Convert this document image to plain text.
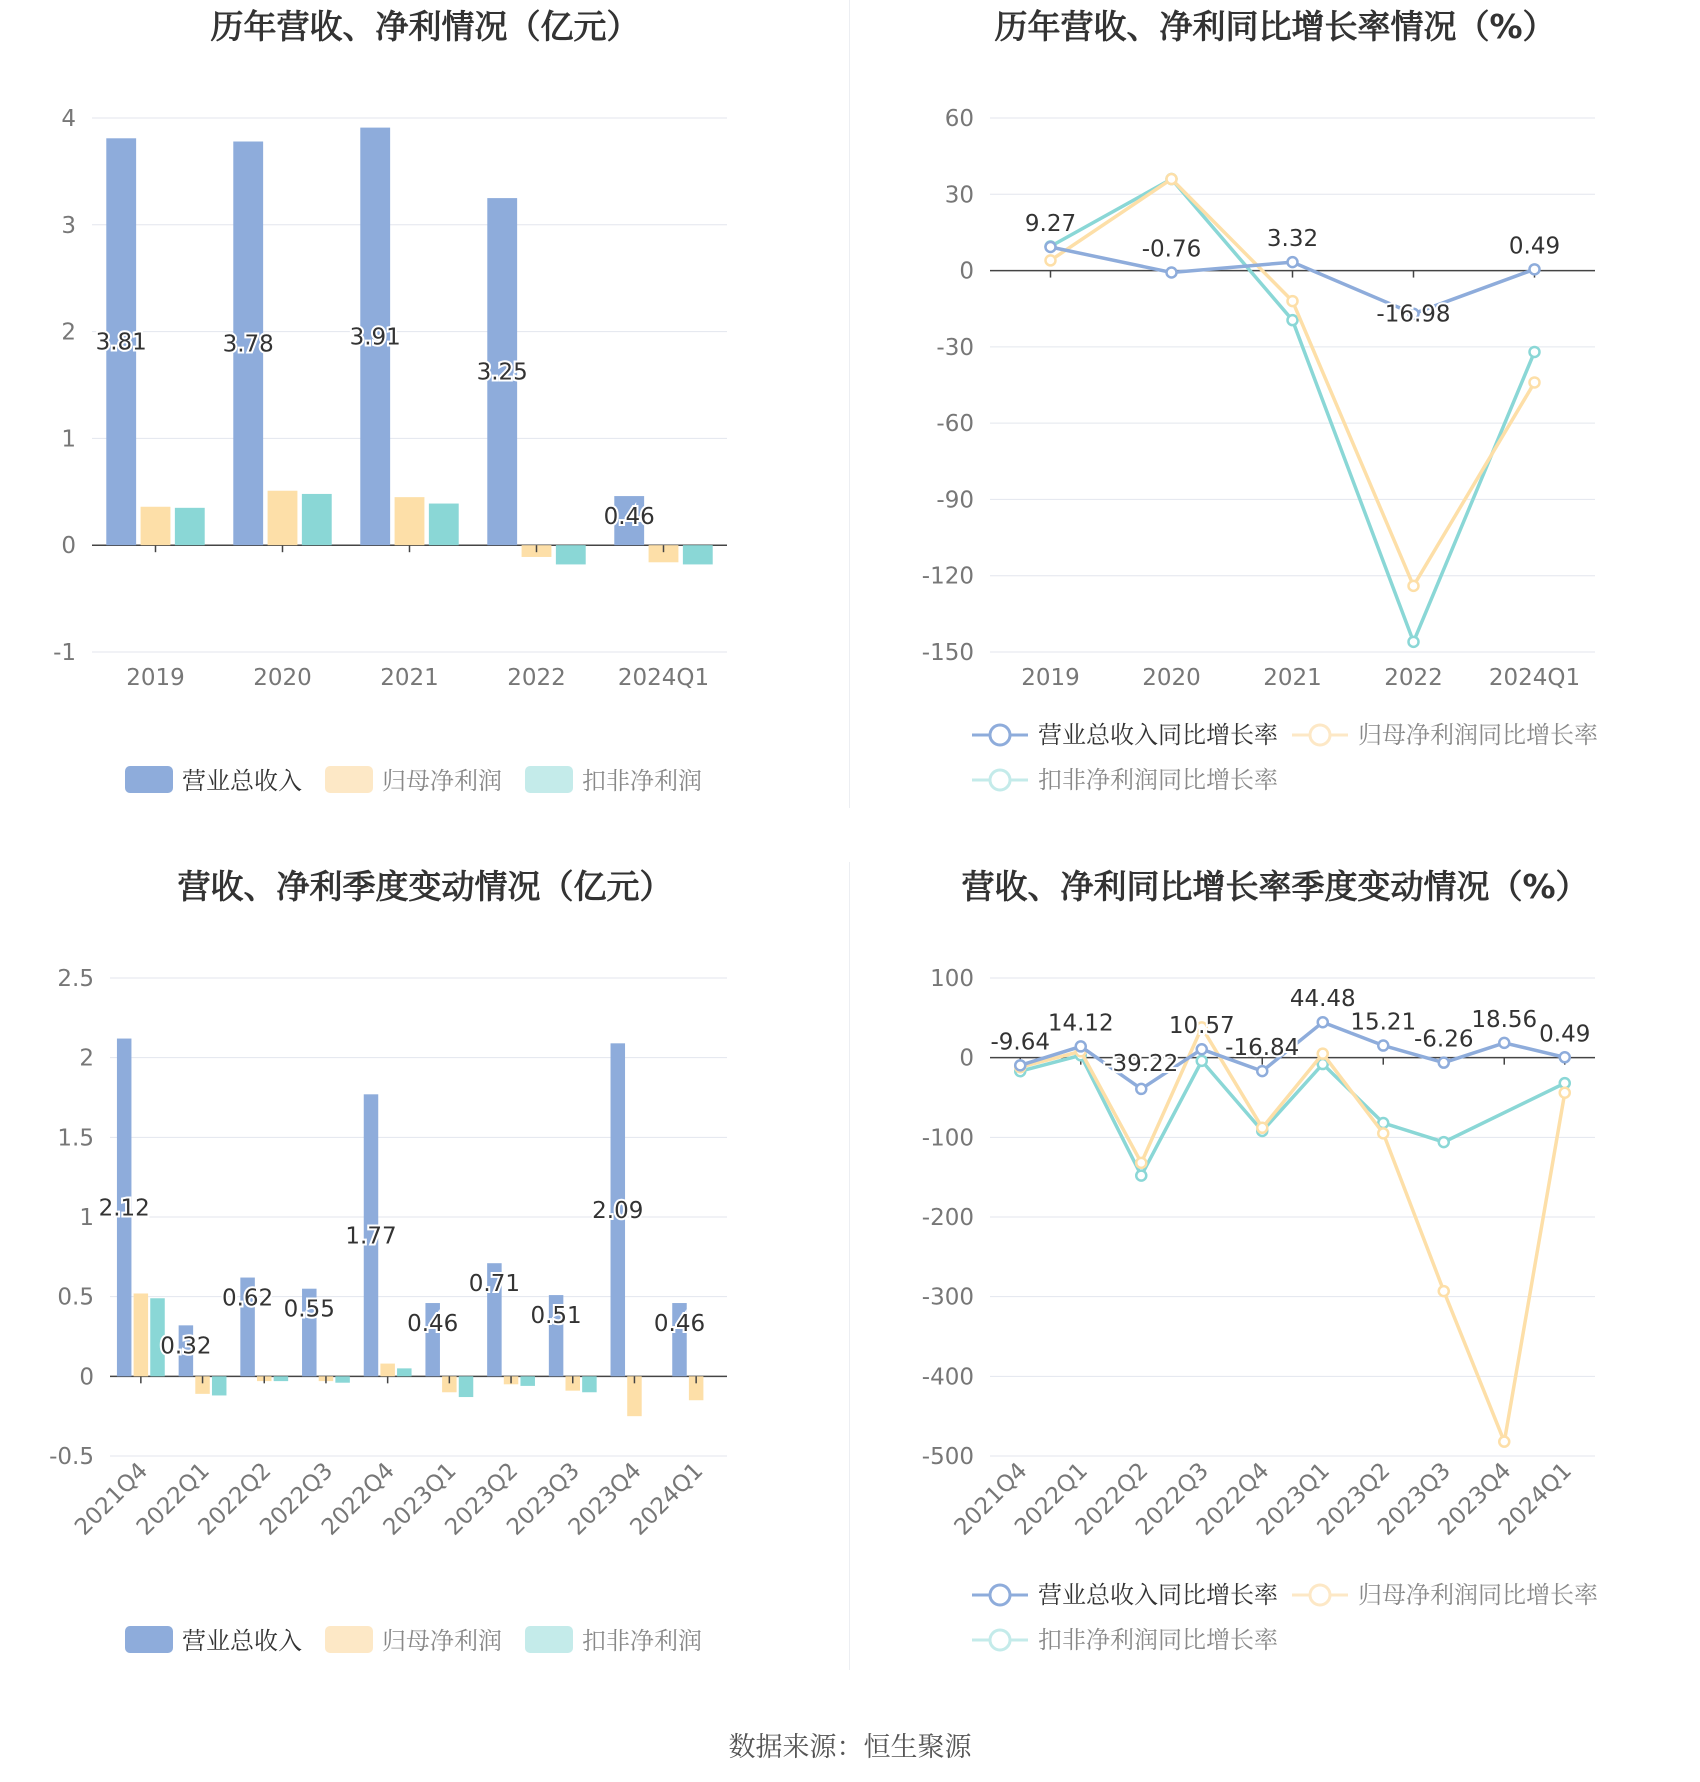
历年营收、净利情况（亿元）
4
3
2
1
0
-1
3.81	3.78	3.91
3.25
0.46
2019	2020	2021	2022 2024Q1
营业总收入	归母净利润	扣非净利润
历年营收、净利同比增长率情况（%）
60
30
0
-30
-60
-90
-120
-150
2019	2020	2021	2022 2024Q1
9.27
-0.76	3.32
-16.98
0.49
营业总收入同比增长率	归母净利润同比增长率
扣非净利润同比增长率
营收、净利季度变动情况（亿元）
2.5
2
1.5
1
0.5
0
-0.5
2.12
0.32
0.62 0.55
1.77
0.46
0.71
0.51
2.09
0.46
2021Q4
2022Q1
2022Q2
2022Q3
2022Q4
2023Q1
2023Q2
2023Q3
2023Q4
2024Q1
营业总收入	归母净利润	扣非净利润
营收、净利同比增长率季度变动情况（%）
100
0
-100
-200
-300
-400
-500
2021Q4
2022Q1
2022Q2
2022Q3
2022Q4
2023Q1
2023Q2
2023Q3
2023Q4
2024Q1
-9.64
14.12
-39.22
10.57
-16.84
44.48
15.21
-6.26
18.56
0.49
营业总收入同比增长率	归母净利润同比增长率
扣非净利润同比增长率
数据来源：恒生聚源
